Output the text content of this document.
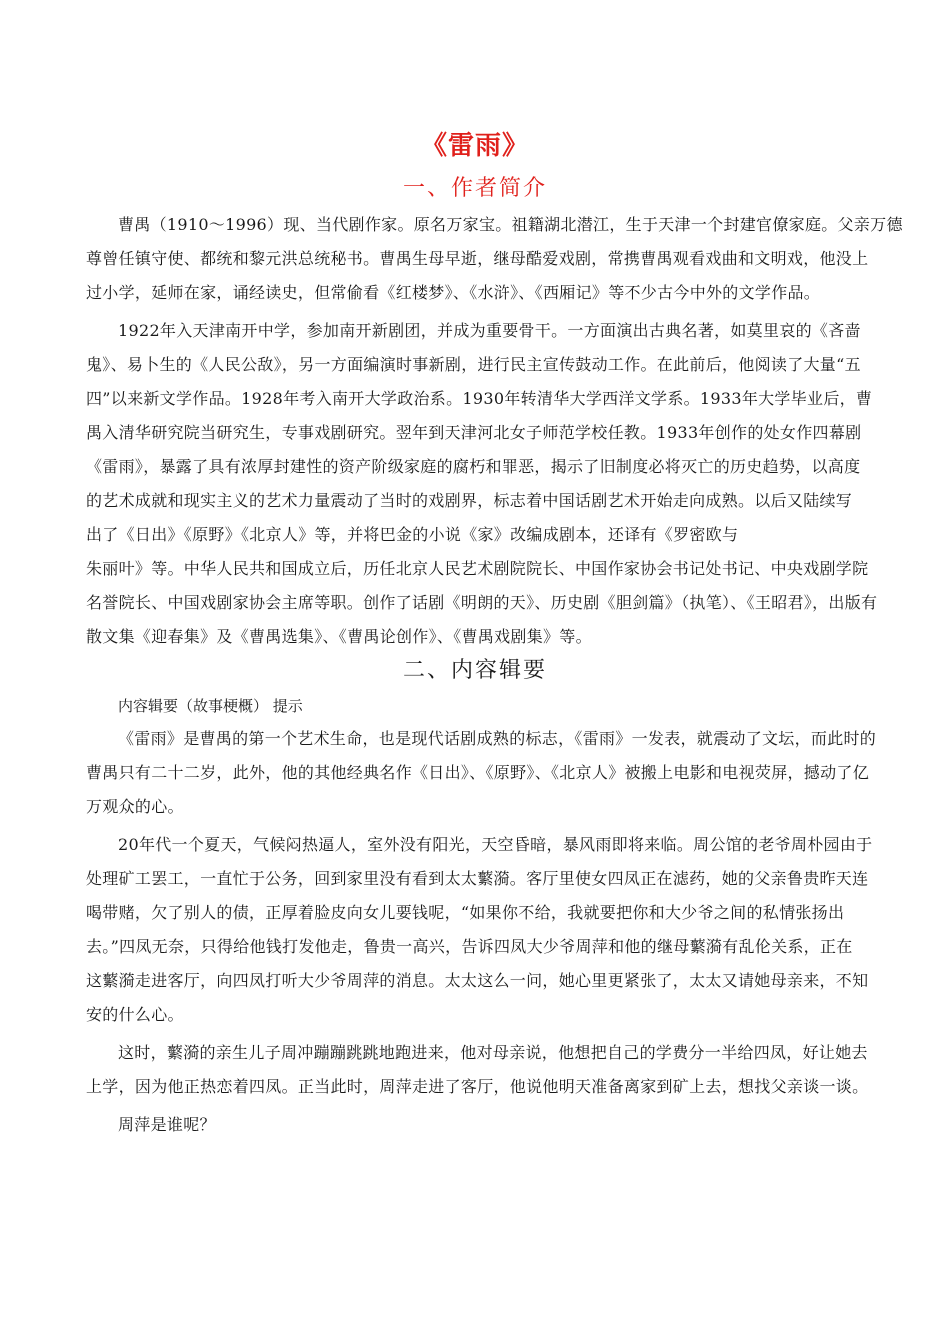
《雷雨》
一、作者简介
曹禺（1910～1996）现、当代剧作家。原名万家宝。祖籍湖北潜江，生于天津一个封建官僚家庭。父亲万德
尊曾任镇守使、都统和黎元洪总统秘书。曹禺生母早逝，继母酷爱戏剧，常携曹禺观看戏曲和文明戏，他没上
过小学，延师在家，诵经读史，但常偷看《红楼梦》、《水浒》、《西厢记》等不少古今中外的文学作品。
1922年入天津南开中学，参加南开新剧团，并成为重要骨干。一方面演出古典名著，如莫里哀的《吝啬
鬼》、易卜生的《人民公敌》，另一方面编演时事新剧，进行民主宣传鼓动工作。在此前后，他阅读了大量“五
四”以来新文学作品。1928年考入南开大学政治系。1930年转清华大学西洋文学系。1933年大学毕业后，曹
禺入清华研究院当研究生，专事戏剧研究。翌年到天津河北女子师范学校任教。1933年创作的处女作四幕剧
《雷雨》，暴露了具有浓厚封建性的资产阶级家庭的腐朽和罪恶，揭示了旧制度必将灭亡的历史趋势，以高度
的艺术成就和现实主义的艺术力量震动了当时的戏剧界，标志着中国话剧艺术开始走向成熟。以后又陆续写
出了《日出》《原野》《北京人》等，并将巴金的小说《家》改编成剧本，还译有《罗密欧与
朱丽叶》等。中华人民共和国成立后，历任北京人民艺术剧院院长、中国作家协会书记处书记、中央戏剧学院
名誉院长、中国戏剧家协会主席等职。创作了话剧《明朗的天》、历史剧《胆剑篇》（执笔）、《王昭君》，出版有
散文集《迎春集》及《曹禺选集》、《曹禺论创作》、《曹禺戏剧集》等。
二、内容辑要
内容辑要（故事梗概） 提示
《雷雨》是曹禺的第一个艺术生命，也是现代话剧成熟的标志，《雷雨》一发表，就震动了文坛，而此时的
曹禺只有二十二岁，此外，他的其他经典名作《日出》、《原野》、《北京人》被搬上电影和电视荧屏，撼动了亿
万观众的心。
20年代一个夏天，气候闷热逼人，室外没有阳光，天空昏暗，暴风雨即将来临。周公馆的老爷周朴园由于
处理矿工罢工，一直忙于公务，回到家里没有看到太太蘩漪。客厅里使女四凤正在滤药，她的父亲鲁贵昨天连
喝带赌，欠了别人的债，正厚着脸皮向女儿要钱呢，“如果你不给，我就要把你和大少爷之间的私情张扬出
去。”四凤无奈，只得给他钱打发他走，鲁贵一高兴，告诉四凤大少爷周萍和他的继母蘩漪有乱伦关系，正在
这蘩漪走进客厅，向四凤打听大少爷周萍的消息。太太这么一问，她心里更紧张了，太太又请她母亲来，不知
安的什么心。
这时，蘩漪的亲生儿子周冲蹦蹦跳跳地跑进来，他对母亲说，他想把自己的学费分一半给四凤，好让她去
上学，因为他正热恋着四凤。正当此时，周萍走进了客厅，他说他明天准备离家到矿上去，想找父亲谈一谈。
周萍是谁呢？
